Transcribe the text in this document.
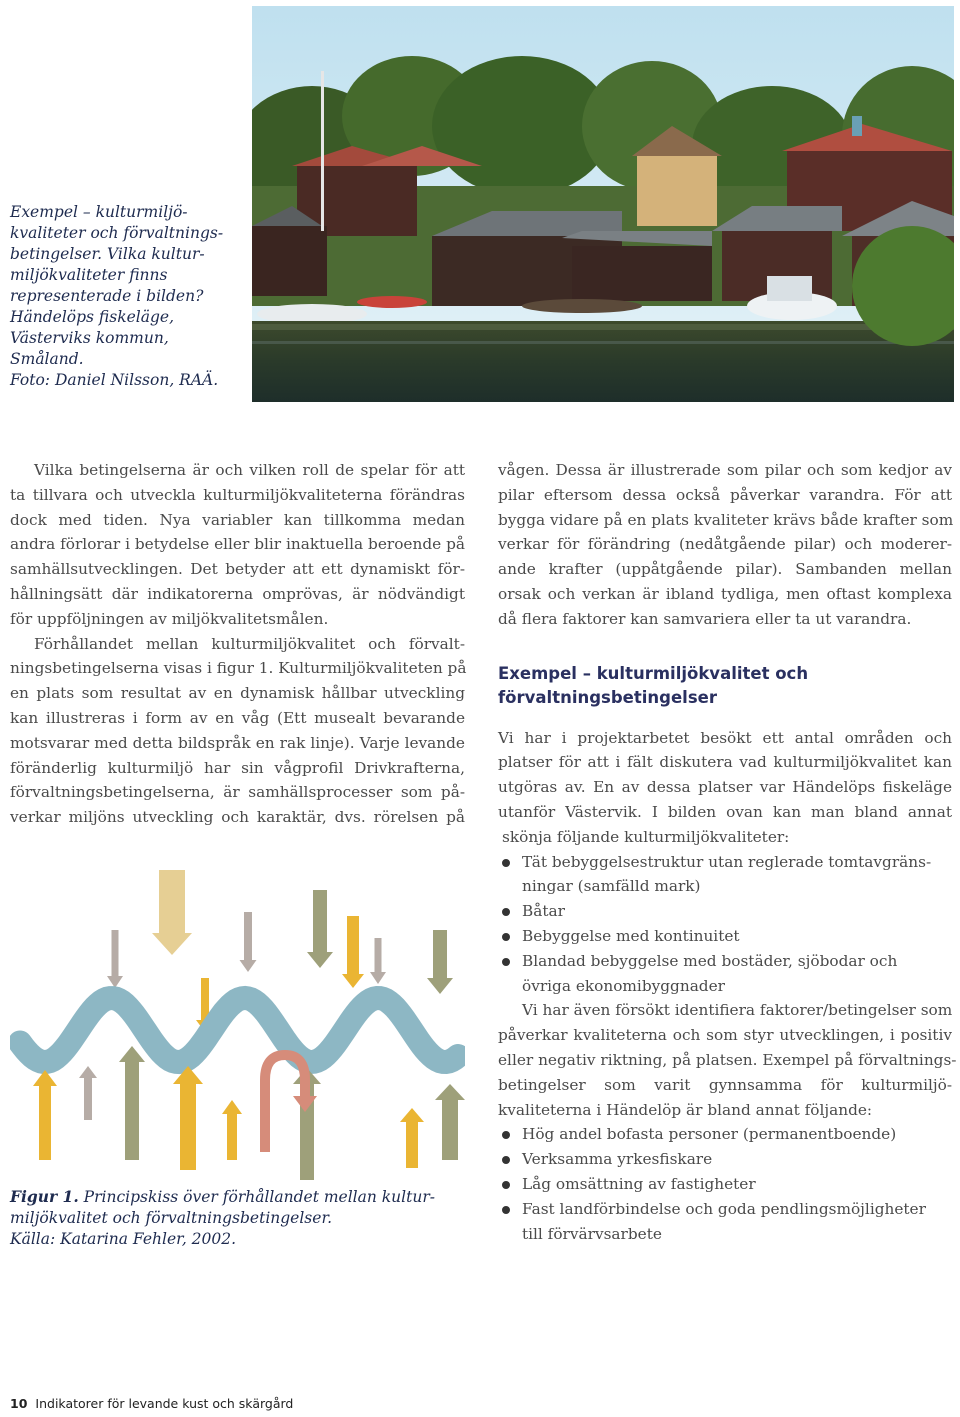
Exempel – kulturmiljö-
kvaliteter och förvaltnings-
betingelser. Vilka kultur-
miljökvaliteter finns
representerade i bilden?
Händelöps fiskeläge,
Västerviks kommun,
Småland.
Foto: Daniel Nilsson, RAÄ.
Vilka betingelserna är och vilken roll de spelar för att
ta tillvara och utveckla kulturmiljökvaliteterna förändras
dock med tiden. Nya variabler kan tillkomma medan
andra förlorar i betydelse eller blir inaktuella beroende på
samhällsutvecklingen. Det betyder att ett dynamiskt för-
hållningsätt där indikatorerna omprövas, är nödvändigt
för uppföljningen av miljökvalitetsmålen.
Förhållandet mellan kulturmiljökvalitet och förvalt-
ningsbetingelserna visas i figur 1. Kulturmiljökvaliteten på
en plats som resultat av en dynamisk hållbar utveckling
kan illustreras i form av en våg (Ett musealt bevarande
motsvarar med detta bildspråk en rak linje). Varje levande
föränderlig kulturmiljö har sin vågprofil Drivkrafterna,
förvaltningsbetingelserna, är samhällsprocesser som på-
verkar miljöns utveckling och karaktär, dvs. rörelsen på
Figur 1. Principskiss över förhållandet mellan kultur-
miljökvalitet och förvaltningsbetingelser.
Källa: Katarina Fehler, 2002.
vågen. Dessa är illustrerade som pilar och som kedjor av
pilar eftersom dessa också påverkar varandra. För att
bygga vidare på en plats kvaliteter krävs både krafter som
verkar för förändring (nedåtgående pilar) och moderer-
ande krafter (uppåtgående pilar). Sambanden mellan
orsak och verkan är ibland tydliga, men oftast komplexa
då flera faktorer kan samvariera eller ta ut varandra.
Exempel – kulturmiljökvalitet och
förvaltningsbetingelser
Vi har i projektarbetet besökt ett antal områden och
platser för att i fält diskutera vad kulturmiljökvalitet kan
utgöras av. En av dessa platser var Händelöps fiskeläge
utanför Västervik. I bilden ovan kan man bland annat
skönja följande kulturmiljökvaliteter:
Tät bebyggelsestruktur utan reglerade tomtavgräns-
ningar (samfälld mark)
Båtar
Bebyggelse med kontinuitet
Blandad bebyggelse med bostäder, sjöbodar och
övriga ekonomibyggnader
Vi har även försökt identifiera faktorer/betingelser som
påverkar kvaliteterna och som styr utvecklingen, i positiv
eller negativ riktning, på platsen. Exempel på förvaltnings-
betingelser som varit gynnsamma för kulturmiljö-
kvaliteterna i Händelöp är bland annat följande:
Hög andel bofasta personer (permanentboende)
Verksamma yrkesfiskare
Låg omsättning av fastigheter
Fast landförbindelse och goda pendlingsmöjligheter
till förvärvsarbete
10 Indikatorer för levande kust och skärgård
